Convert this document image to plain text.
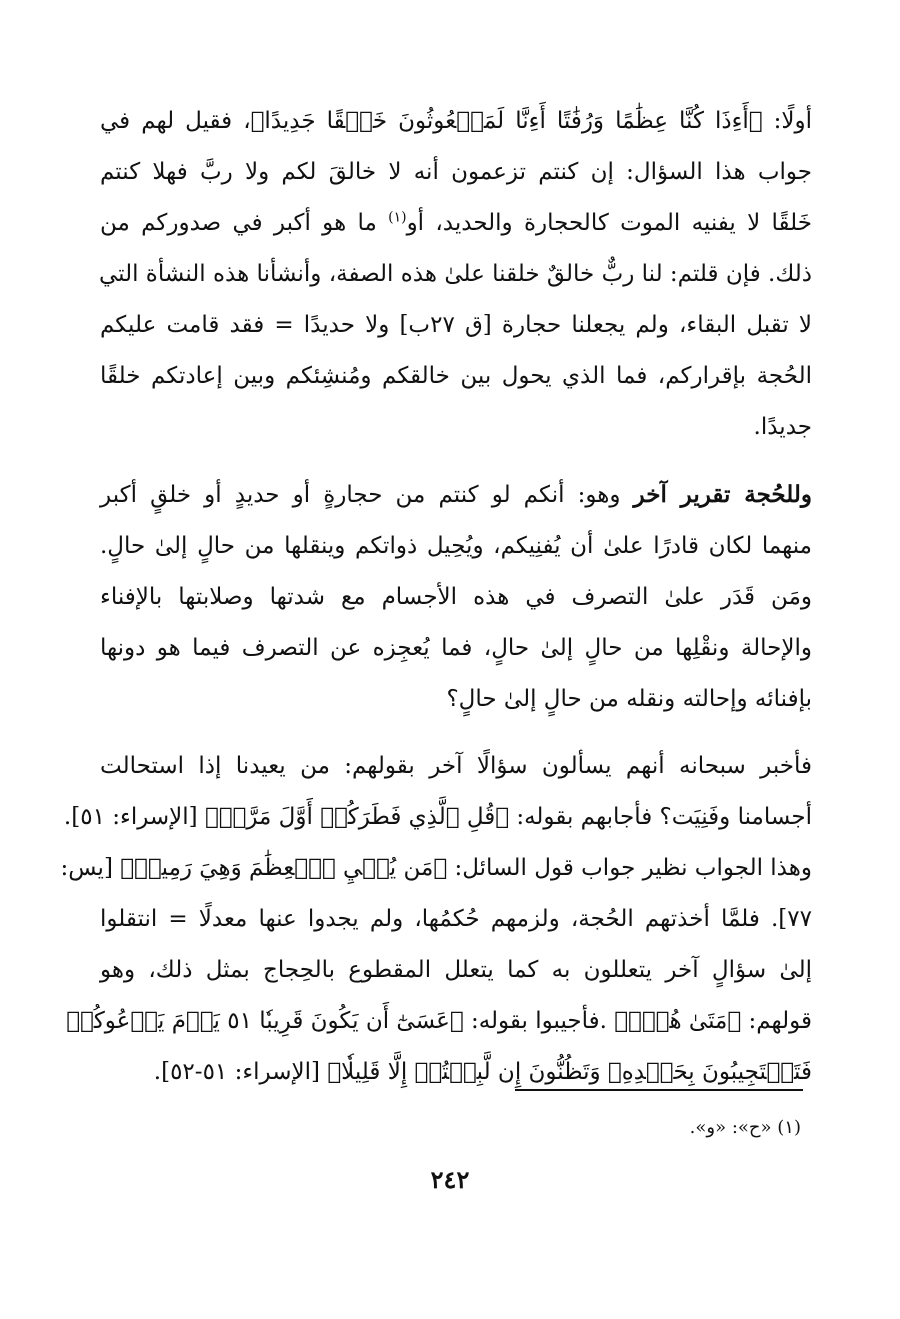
أولًا: ﴿أَءِذَا كُنَّا عِظَٰمًا وَرُفَٰتًا أَءِنَّا لَمَبۡعُوثُونَ خَلۡقًا جَدِيدًا﴾، فقيل لهم في
جواب هذا السؤال: إن كنتم تزعمون أنه لا خالقَ لكم ولا ربَّ فهلا كنتم
خَلقًا لا يفنيه الموت كالحجارة والحديد، أو$^{(١)}$ ما هو أكبر في صدوركم من
ذلك. فإن قلتم: لنا ربٌّ خالقٌ خلقنا علىٰ هذه الصفة، وأنشأنا هذه النشأة التي
لا تقبل البقاء، ولم يجعلنا حجارة [ق ٢٧ب] ولا حديدًا = فقد قامت عليكم
الحُجة بإقراركم، فما الذي يحول بين خالقكم ومُنشِئكم وبين إعادتكم خلقًا
جديدًا.

وللحُجة تقرير آخر وهو: أنكم لو كنتم من حجارةٍ أو حديدٍ أو خلقٍ أكبر
منهما لكان قادرًا علىٰ أن يُفنِيكم، ويُحِيل ذواتكم وينقلها من حالٍ إلىٰ حالٍ.
ومَن قَدَر علىٰ التصرف في هذه الأجسام مع شدتها وصلابتها بالإفناء
والإحالة ونقْلِها من حالٍ إلىٰ حالٍ، فما يُعجِزه عن التصرف فيما هو دونها
بإفنائه وإحالته ونقله من حالٍ إلىٰ حالٍ؟

فأخبر سبحانه أنهم يسألون سؤالًا آخر بقولهم: من يعيدنا إذا استحالت
أجسامنا وفَنِيَت؟ فأجابهم بقوله: ﴿قُلِ ٱلَّذِي فَطَرَكُمۡ أَوَّلَ مَرَّةٖ﴾ [الإسراء: ٥١].
وهذا الجواب نظير جواب قول السائل: ﴿مَن يُحۡيِ ٱلۡعِظَٰمَ وَهِيَ رَمِيمٞ﴾ [يس:
٧٧]. فلمَّا أخذتهم الحُجة، ولزمهم حُكمُها، ولم يجدوا عنها معدلًا = انتقلوا
إلىٰ سؤالٍ آخر يتعللون به كما يتعلل المقطوع بالحِجاج بمثل ذلك، وهو
قولهم: ﴿مَتَىٰ هُوَۖ﴾ .فأجيبوا بقوله: ﴿عَسَىٰٓ أَن يَكُونَ قَرِيبٗا ٥١ يَوۡمَ يَدۡعُوكُمۡ
فَتَسۡتَجِيبُونَ بِحَمۡدِهِۦ وَتَظُنُّونَ إِن لَّبِثۡتُمۡ إِلَّا قَلِيلٗا﴾ [الإسراء: ٥١-٥٢].

(١) «ح»: «و».
٢٤٢
